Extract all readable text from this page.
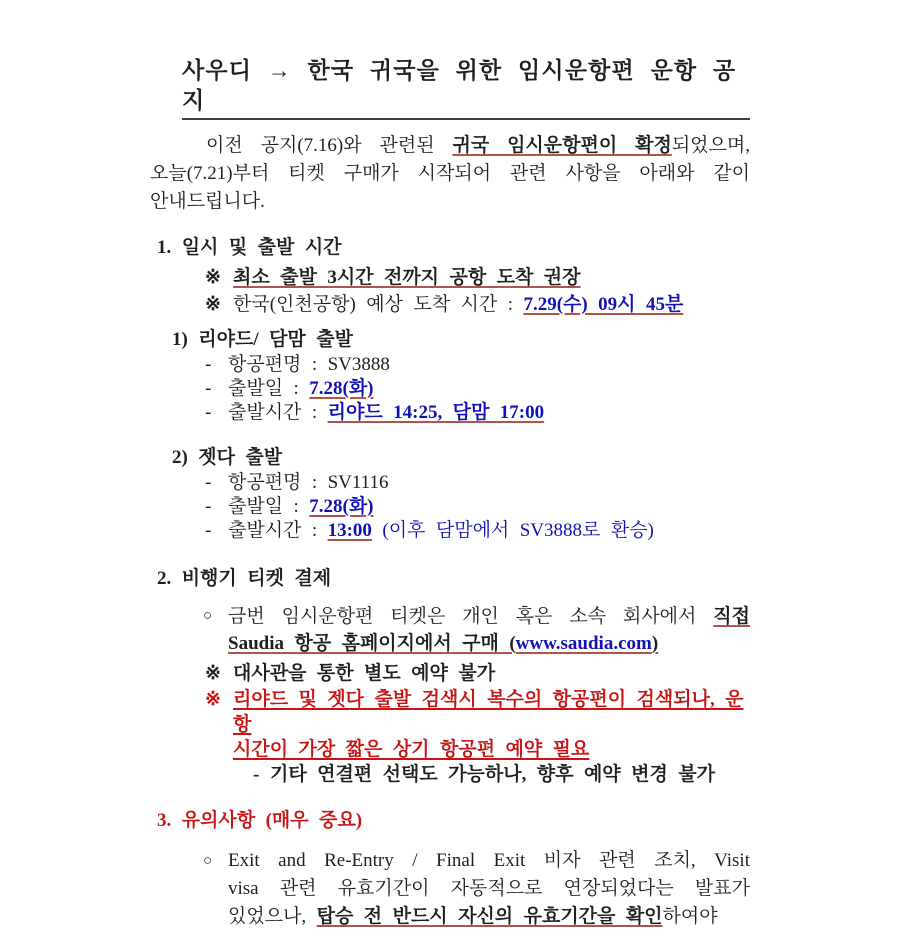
사우디 → 한국 귀국을 위한 임시운항편 운항 공지
이전 공지(7.16)와 관련된 귀국 임시운항편이 확정되었으며,
오늘(7.21)부터 티켓 구매가 시작되어 관련 사항을 아래와 같이
안내드립니다.
1. 일시 및 출발 시간
※ 최소 출발 3시간 전까지 공항 도착 권장
※ 한국(인천공항) 예상 도착 시간 : 7.29(수) 09시 45분
1) 리야드/ 담맘 출발
- 항공편명 : SV3888
- 출발일 : 7.28(화)
- 출발시간 : 리야드 14:25, 담맘 17:00
2) 젯다 출발
- 항공편명 : SV1116
- 출발일 : 7.28(화)
- 출발시간 : 13:00 (이후 담맘에서 SV3888로 환승)
2. 비행기 티켓 결제
○ 금번 임시운항편 티켓은 개인 혹은 소속 회사에서 직접
Saudia 항공 홈페이지에서 구매 (www.saudia.com)
※ 대사관을 통한 별도 예약 불가
※ 리야드 및 젯다 출발 검색시 복수의 항공편이 검색되나, 운항
시간이 가장 짧은 상기 항공편 예약 필요
- 기타 연결편 선택도 가능하나, 향후 예약 변경 불가
3. 유의사항 (매우 중요)
○ Exit and Re-Entry / Final Exit 비자 관련 조치, Visit
visa 관련 유효기간이 자동적으로 연장되었다는 발표가
있었으나, 탑승 전 반드시 자신의 유효기간을 확인하여야
